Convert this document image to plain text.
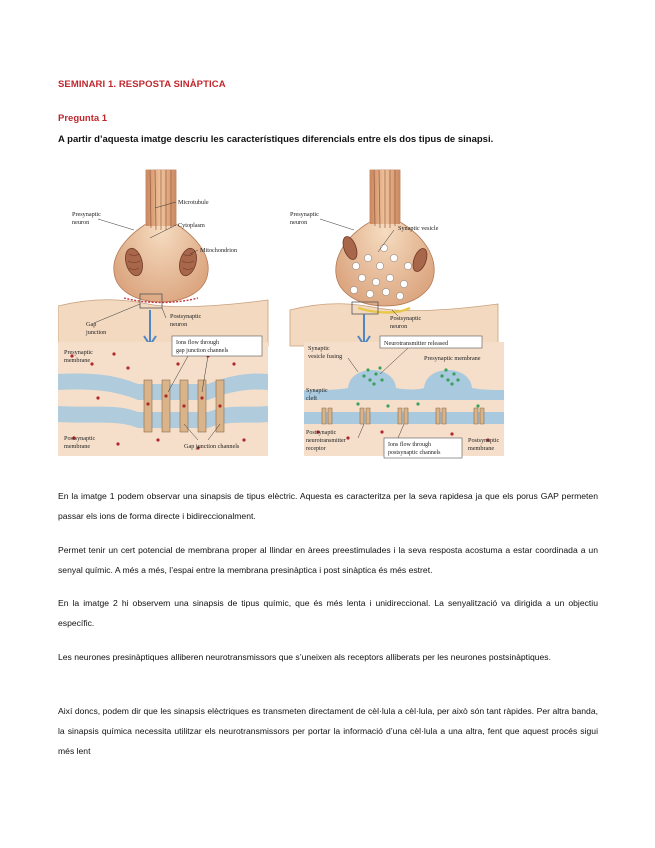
SEMINARI 1. RESPOSTA SINÀPTICA
Pregunta 1
A partir d’aquesta imatge descriu les característiques diferencials entre els dos tipus de sinapsi.
Presynaptic neuron
Microtubule
Cytoplasm
Mitochondrion
Postsynaptic neuron
Gap junction
Ions flow through gap junction channels
Presynaptic membrane
Postsynaptic membrane	Gap junction channels
Presynaptic neuron
Synaptic vesicle
Postsynaptic neuron
Synaptic vesicle fusing
Neurotransmitter released
Presynaptic membrane
Synaptic cleft
Postsynaptic neurotransmitter receptor
Ions flow through postsynaptic channels
Postsynaptic membrane
En la imatge 1 podem observar una sinapsis de tipus elèctric. Aquesta es caracteritza per la seva rapidesa ja que els porus GAP permeten passar els ions de forma directe i bidireccionalment.
Permet tenir un cert potencial de membrana proper al llindar en àrees preestimulades i la seva resposta acostuma a estar coordinada a un senyal químic. A més a més, l’espai entre la membrana presinàptica i post sinàptica és més estret.
En la imatge 2 hi observem una sinapsis de tipus químic, que és més lenta i unidireccional. La senyalització va dirigida a un objectiu específic.
Les neurones presinàptiques alliberen neurotransmissors que s’uneixen als receptors alliberats per les neurones postsinàptiques.
Així doncs, podem dir que les sinapsis elèctriques es transmeten directament de cèl·lula a cèl·lula, per això són tant ràpides. Per altra banda, la sinapsis química necessita utilitzar els neurotransmissors per portar la informació d’una cèl·lula a una altra, fent que aquest procés sigui més lent
